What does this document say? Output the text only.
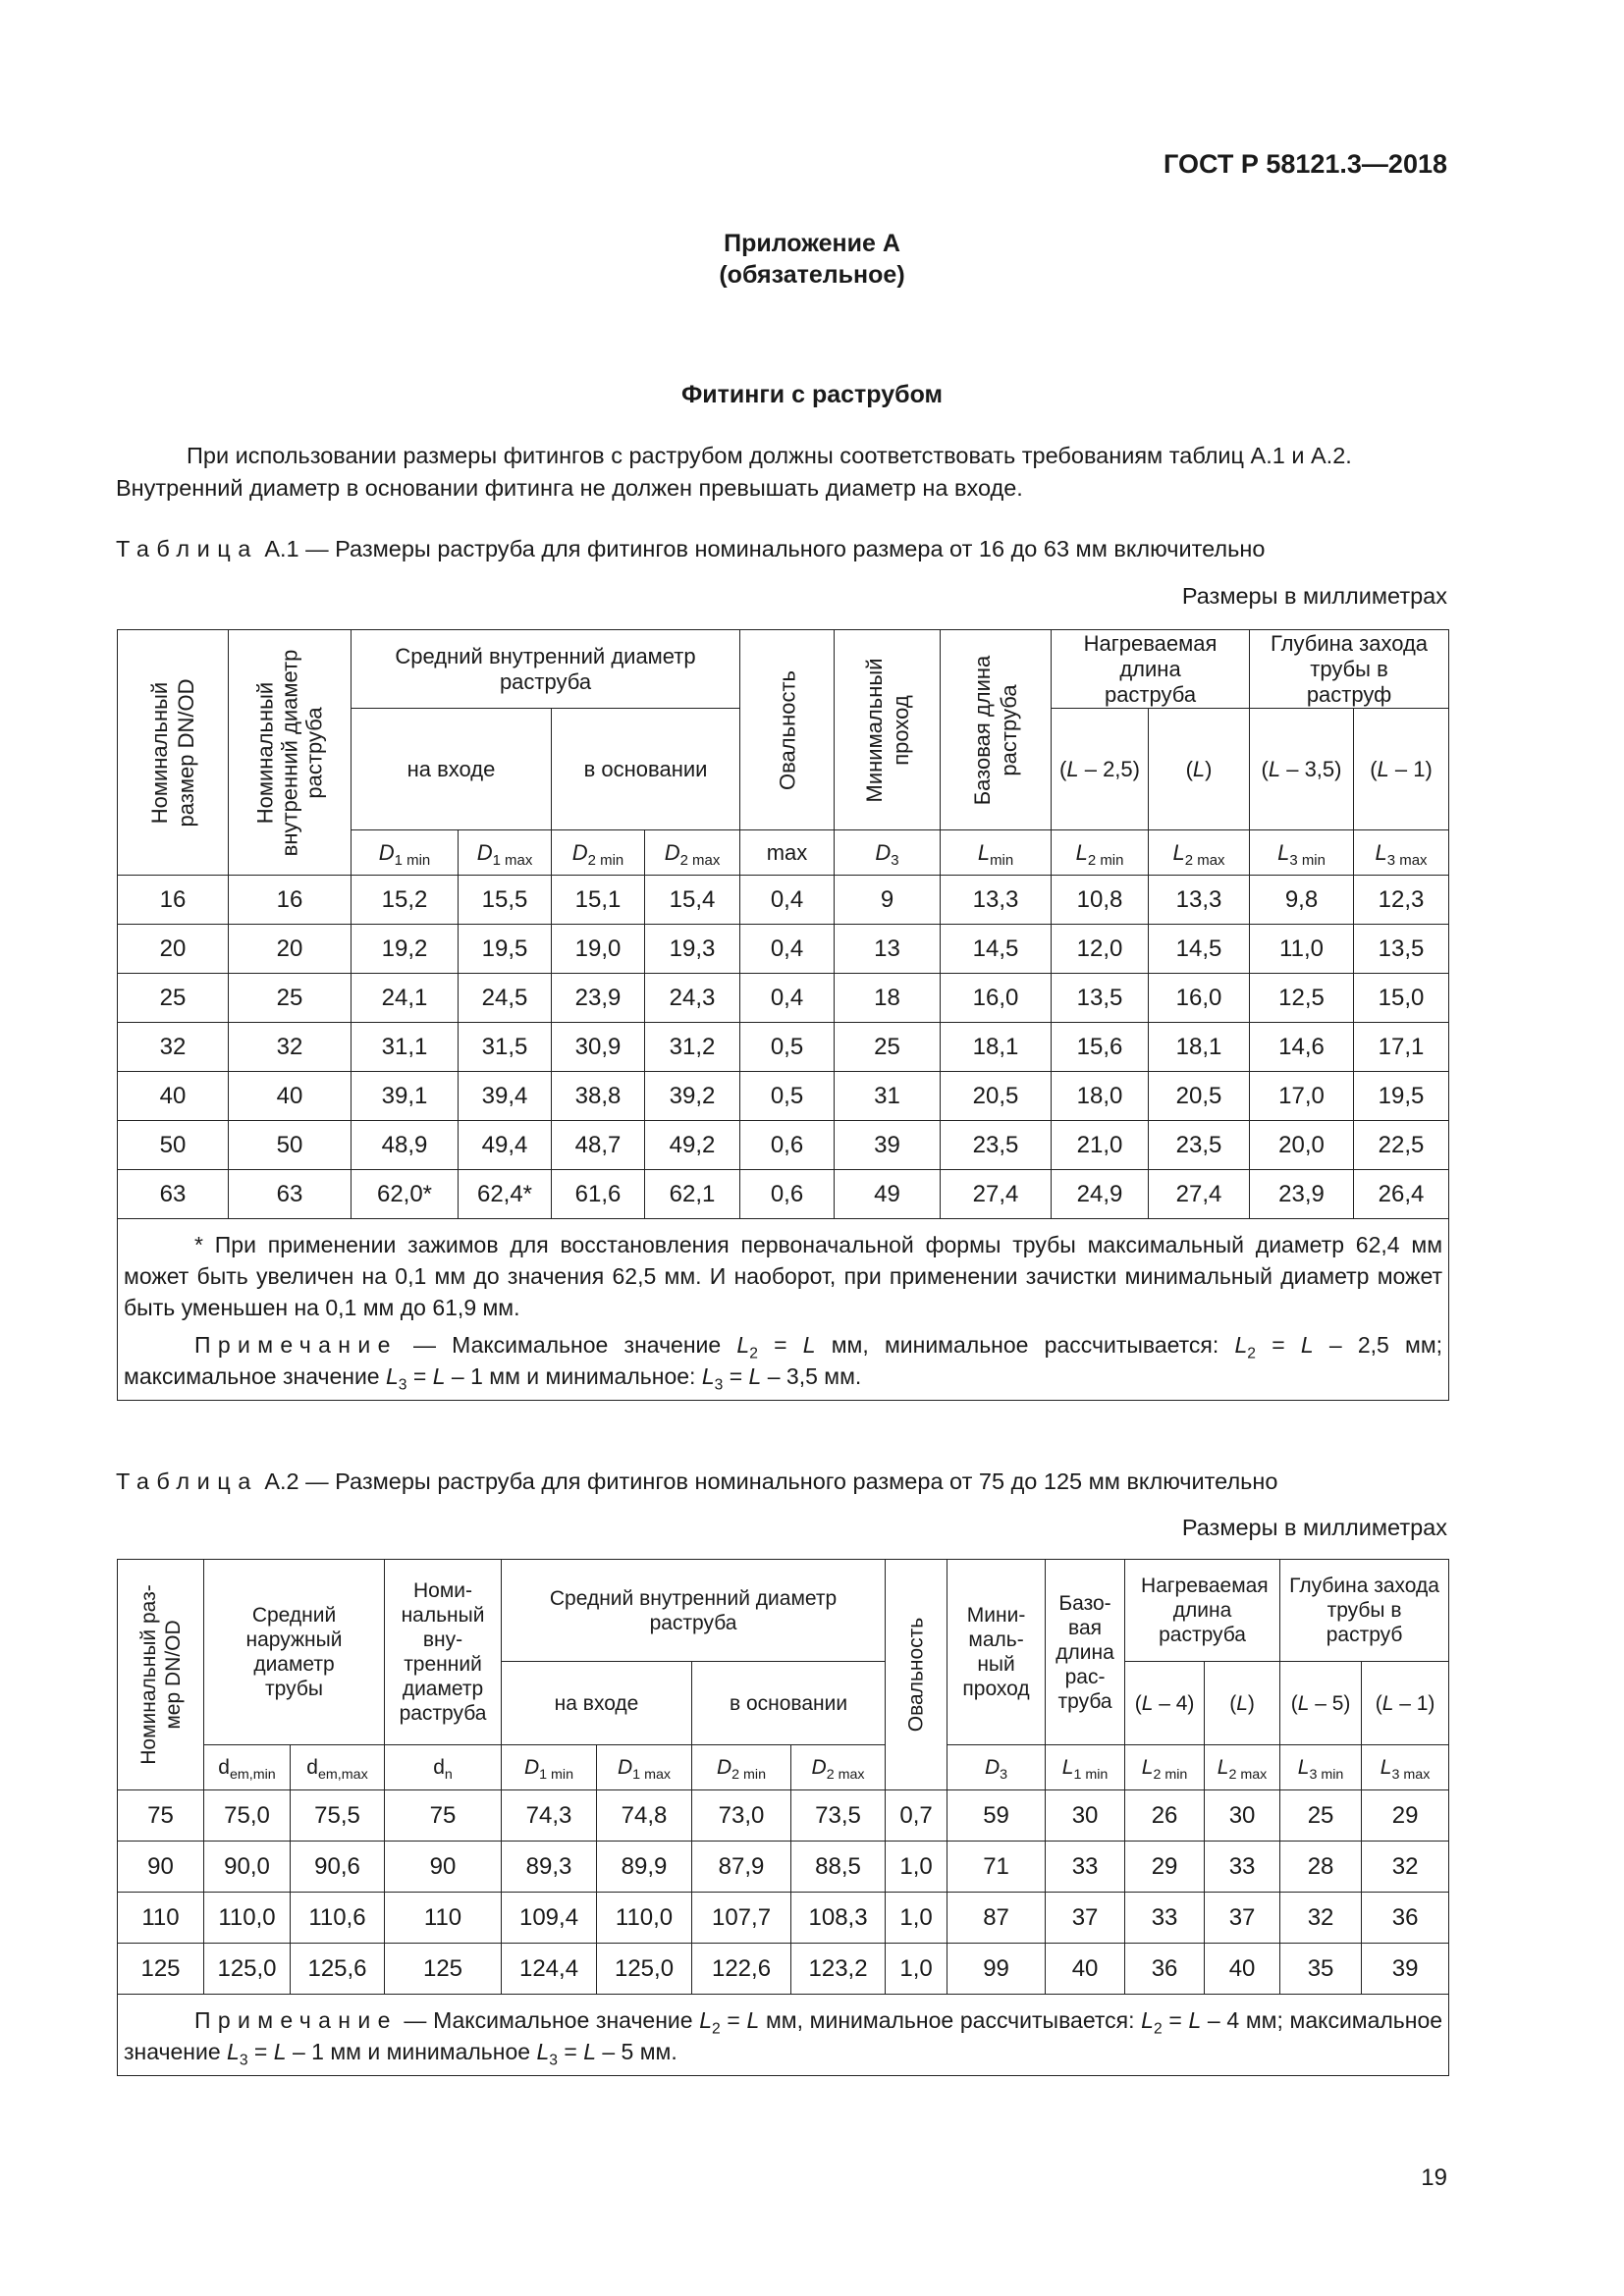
ГОСТ Р 58121.3—2018
Приложение А
(обязательное)
Фитинги с раструбом
При использовании размеры фитингов с раструбом должны соответствовать требованиям таблиц А.1 и А.2.
Внутренний диаметр в основании фитинга не должен превышать диаметр на входе.
Таблица А.1 — Размеры раструба для фитингов номинального размера от 16 до 63 мм включительно
Размеры в миллиметрах
Номинальный размер DN/OD	Номинальный внутренний диаметр раструба	Средний внутренний диаметр раструба				Овальность	Минимальный проход	Базовая длина раструба	Нагреваемая длина раструба		Глубина захода трубы в раструф	
		на входе		в основании					(L – 2,5)	(L)	(L – 3,5)	(L – 1)
		$D_{1 min}$	$D_{1 max}$	$D_{2 min}$	$D_{2 max}$	max	$D_3$	$L_{min}$	$L_{2 min}$	$L_{2 max}$	$L_{3 min}$	$L_{3 max}$
16	16	15,2	15,5	15,1	15,4	0,4	9	13,3	10,8	13,3	9,8	12,3
20	20	19,2	19,5	19,0	19,3	0,4	13	14,5	12,0	14,5	11,0	13,5
25	25	24,1	24,5	23,9	24,3	0,4	18	16,0	13,5	16,0	12,5	15,0
32	32	31,1	31,5	30,9	31,2	0,5	25	18,1	15,6	18,1	14,6	17,1
40	40	39,1	39,4	38,8	39,2	0,5	31	20,5	18,0	20,5	17,0	19,5
50	50	48,9	49,4	48,7	49,2	0,6	39	23,5	21,0	23,5	20,0	22,5
63	63	62,0*	62,4*	61,6	62,1	0,6	49	27,4	24,9	27,4	23,9	26,4

* При применении зажимов для восстановления первоначальной формы трубы максимальный диаметр 62,4 мм может быть увеличен на 0,1 мм до значения 62,5 мм. И наоборот, при применении зачистки минимальный диаметр может быть уменьшен на 0,1 мм до 61,9 мм.

Примечание — Максимальное значение $L_2 = L$ мм, минимальное рассчитывается: $L_2 = L - 2,5$ мм; максимальное значение $L_3 = L - 1$ мм и минимальное: $L_3 = L - 3,5$ мм.												

Таблица А.2 — Размеры раструба для фитингов номинального размера от 75 до 125 мм включительно
Размеры в миллиметрах
Номинальный раз- мер DN/OD	Средний наружный диаметр трубы		Номи-нальный вну-тренний диаметр раструба	Средний внутренний диаметр раструба				Овальность	Мини-маль-ный проход	Базо-вая длина рас-труба	Нагреваемая длина раструба		Глубина захода трубы в раструб	
				на входе		в основании					(L – 4)	(L)	(L – 5)	(L – 1)
	$d_{em,min}$	$d_{em,max}$	$d_n$	$D_{1 min}$	$D_{1 max}$	$D_{2 min}$	$D_{2 max}$		$D_3$	$L_{1 min}$	$L_{2 min}$	$L_{2 max}$	$L_{3 min}$	$L_{3 max}$
75	75,0	75,5	75	74,3	74,8	73,0	73,5	0,7	59	30	26	30	25	29
90	90,0	90,6	90	89,3	89,9	87,9	88,5	1,0	71	33	29	33	28	32
110	110,0	110,6	110	109,4	110,0	107,7	108,3	1,0	87	37	33	37	32	36
125	125,0	125,6	125	124,4	125,0	122,6	123,2	1,0	99	40	36	40	35	39

Примечание — Максимальное значение $L_2 = L$ мм, минимальное рассчитывается: $L_2 = L - 4$ мм; максимальное значение $L_3 = L - 1$ мм и минимальное $L_3 = L - 5$ мм.														

19
